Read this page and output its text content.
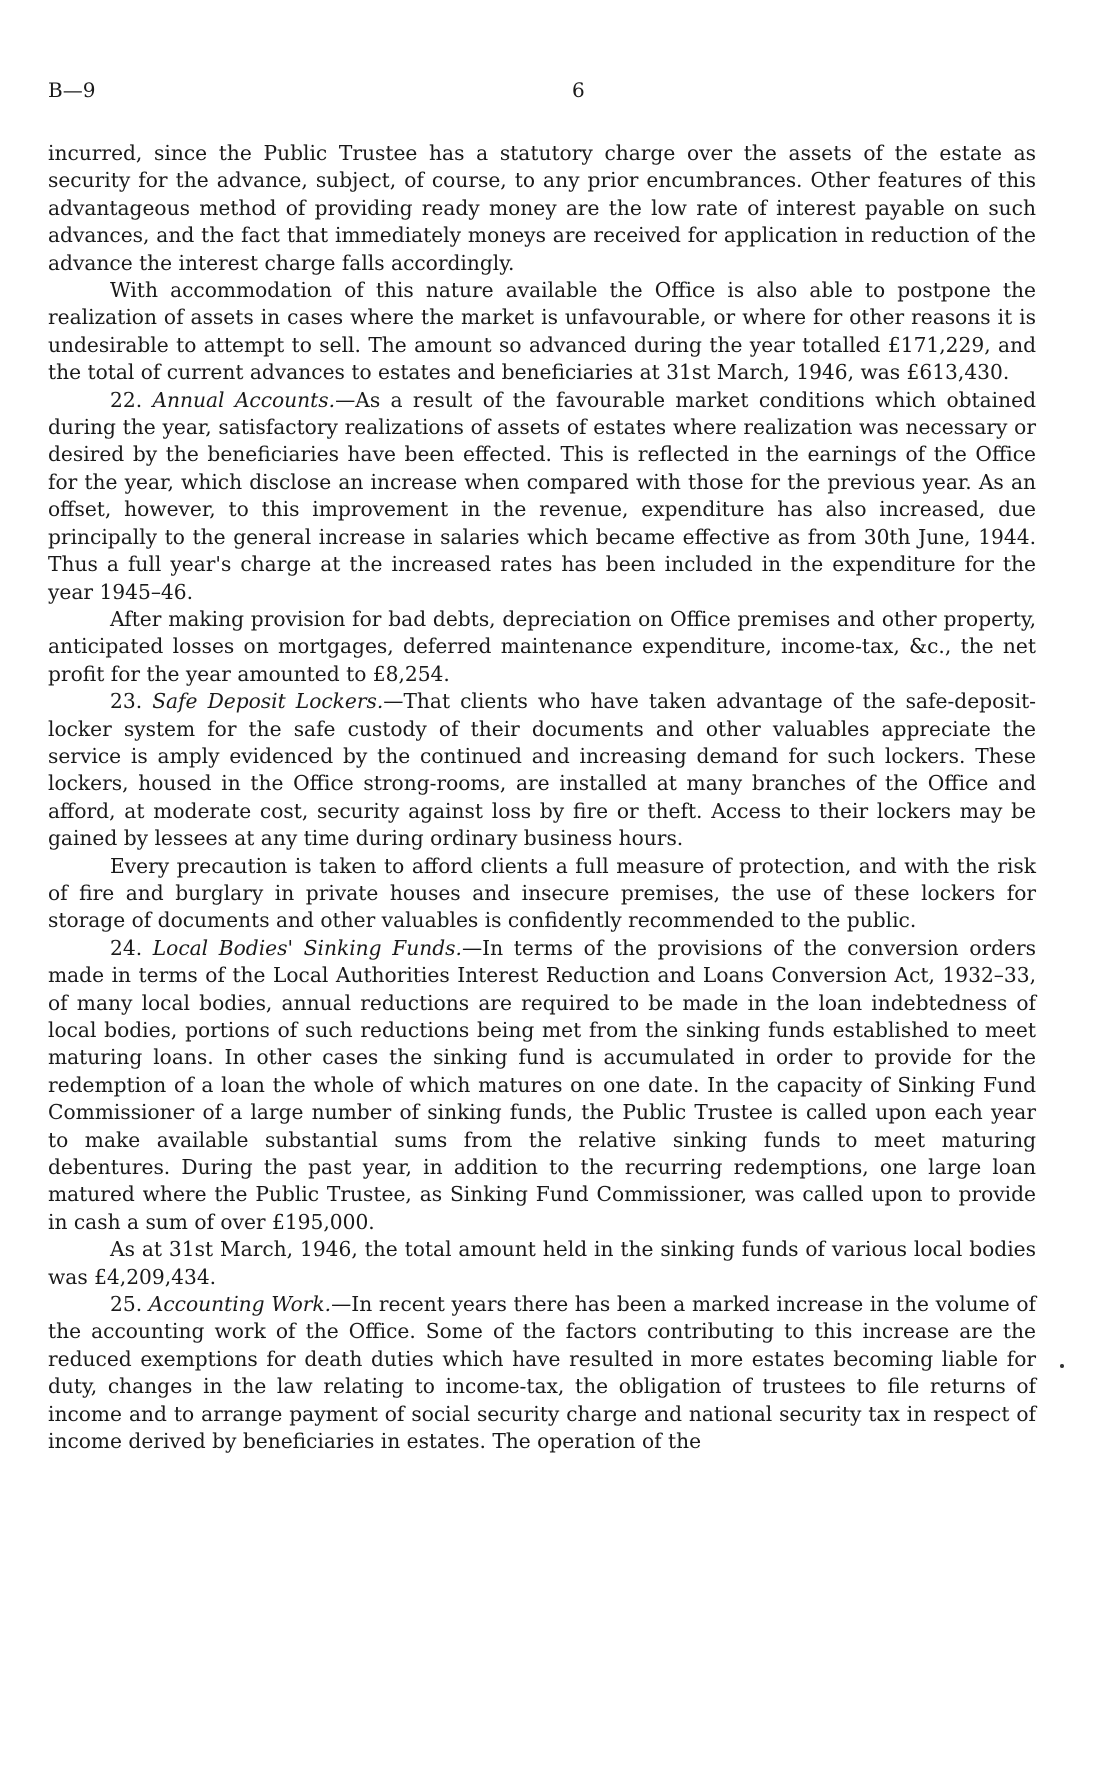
B—9	6

incurred, since the Public Trustee has a statutory charge over the assets of the estate as security for the advance, subject, of course, to any prior encumbrances. Other features of this advantageous method of providing ready money are the low rate of interest payable on such advances, and the fact that immediately moneys are received for application in reduction of the advance the interest charge falls accordingly.

With accommodation of this nature available the Office is also able to postpone the realization of assets in cases where the market is unfavourable, or where for other reasons it is undesirable to attempt to sell. The amount so advanced during the year totalled £171,229, and the total of current advances to estates and beneficiaries at 31st March, 1946, was £613,430.

22. Annual Accounts.—As a result of the favourable market conditions which obtained during the year, satisfactory realizations of assets of estates where realization was necessary or desired by the beneficiaries have been effected. This is reflected in the earnings of the Office for the year, which disclose an increase when compared with those for the previous year. As an offset, however, to this improvement in the revenue, expenditure has also increased, due principally to the general increase in salaries which became effective as from 30th June, 1944. Thus a full year's charge at the increased rates has been included in the expenditure for the year 1945–46.

After making provision for bad debts, depreciation on Office premises and other property, anticipated losses on mortgages, deferred maintenance expenditure, income-tax, &c., the net profit for the year amounted to £8,254.

23. Safe Deposit Lockers.—That clients who have taken advantage of the safe-deposit-locker system for the safe custody of their documents and other valuables appreciate the service is amply evidenced by the continued and increasing demand for such lockers. These lockers, housed in the Office strong-rooms, are installed at many branches of the Office and afford, at moderate cost, security against loss by fire or theft. Access to their lockers may be gained by lessees at any time during ordinary business hours.

Every precaution is taken to afford clients a full measure of protection, and with the risk of fire and burglary in private houses and insecure premises, the use of these lockers for storage of documents and other valuables is confidently recommended to the public.

24. Local Bodies' Sinking Funds.—In terms of the provisions of the conversion orders made in terms of the Local Authorities Interest Reduction and Loans Conversion Act, 1932–33, of many local bodies, annual reductions are required to be made in the loan indebtedness of local bodies, portions of such reductions being met from the sinking funds established to meet maturing loans. In other cases the sinking fund is accumulated in order to provide for the redemption of a loan the whole of which matures on one date. In the capacity of Sinking Fund Commissioner of a large number of sinking funds, the Public Trustee is called upon each year to make available substantial sums from the relative sinking funds to meet maturing debentures. During the past year, in addition to the recurring redemptions, one large loan matured where the Public Trustee, as Sinking Fund Commissioner, was called upon to provide in cash a sum of over £195,000.

As at 31st March, 1946, the total amount held in the sinking funds of various local bodies was £4,209,434.

25. Accounting Work.—In recent years there has been a marked increase in the volume of the accounting work of the Office. Some of the factors contributing to this increase are the reduced exemptions for death duties which have resulted in more estates becoming liable for duty, changes in the law relating to income-tax, the obligation of trustees to file returns of income and to arrange payment of social security charge and national security tax in respect of income derived by beneficiaries in estates. The operation of the
